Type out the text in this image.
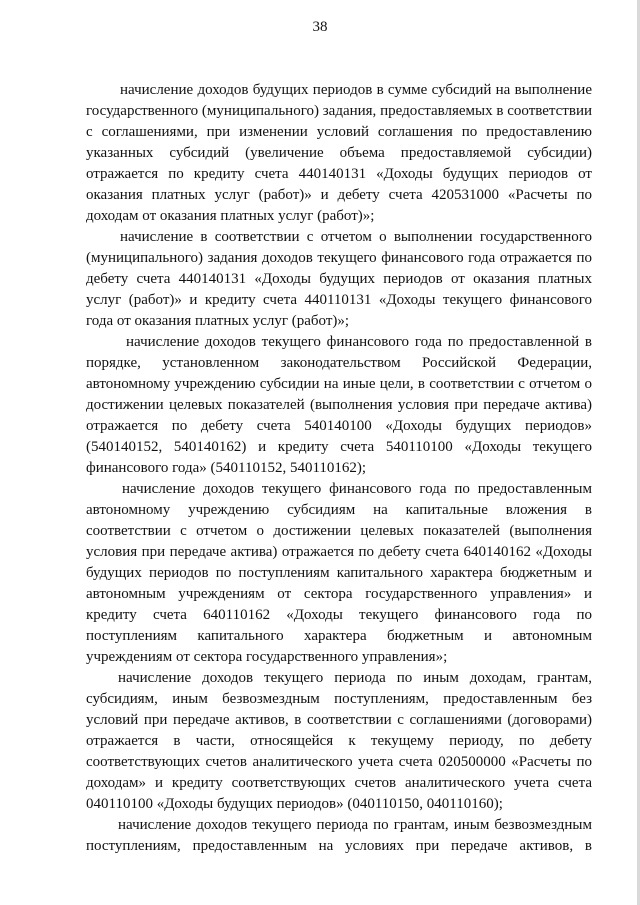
38

начисление доходов будущих периодов в сумме субсидий на выполнение государственного (муниципального) задания, предоставляемых в соответствии с соглашениями, при изменении условий соглашения по предоставлению указанных субсидий (увеличение объема предоставляемой субсидии) отражается по кредиту счета 440140131 «Доходы будущих периодов от оказания платных услуг (работ)» и дебету счета 420531000 «Расчеты по доходам от оказания платных услуг (работ)»;

начисление в соответствии с отчетом о выполнении государственного (муниципального) задания доходов текущего финансового года отражается по дебету счета 440140131 «Доходы будущих периодов от оказания платных услуг (работ)» и кредиту счета 440110131 «Доходы текущего финансового года от оказания платных услуг (работ)»;

начисление доходов текущего финансового года по предоставленной в порядке, установленном законодательством Российской Федерации, автономному учреждению субсидии на иные цели, в соответствии с отчетом о достижении целевых показателей (выполнения условия при передаче актива) отражается по дебету счета 540140100 «Доходы будущих периодов» (540140152, 540140162) и кредиту счета 540110100 «Доходы текущего финансового года» (540110152, 540110162);

начисление доходов текущего финансового года по предоставленным автономному учреждению субсидиям на капитальные вложения в соответствии с отчетом о достижении целевых показателей (выполнения условия при передаче актива) отражается по дебету счета 640140162 «Доходы будущих периодов по поступлениям капитального характера бюджетным и автономным учреждениям от сектора государственного управления» и кредиту счета 640110162 «Доходы текущего финансового года по поступлениям капитального характера бюджетным и автономным учреждениям от сектора государственного управления»;

начисление доходов текущего периода по иным доходам, грантам, субсидиям, иным безвозмездным поступлениям, предоставленным без условий при передаче активов, в соответствии с соглашениями (договорами) отражается в части, относящейся к текущему периоду, по дебету соответствующих счетов аналитического учета счета 020500000 «Расчеты по доходам» и кредиту соответствующих счетов аналитического учета счета 040110100 «Доходы будущих периодов» (040110150, 040110160);

начисление доходов текущего периода по грантам, иным безвозмездным поступлениям, предоставленным на условиях при передаче активов, в
